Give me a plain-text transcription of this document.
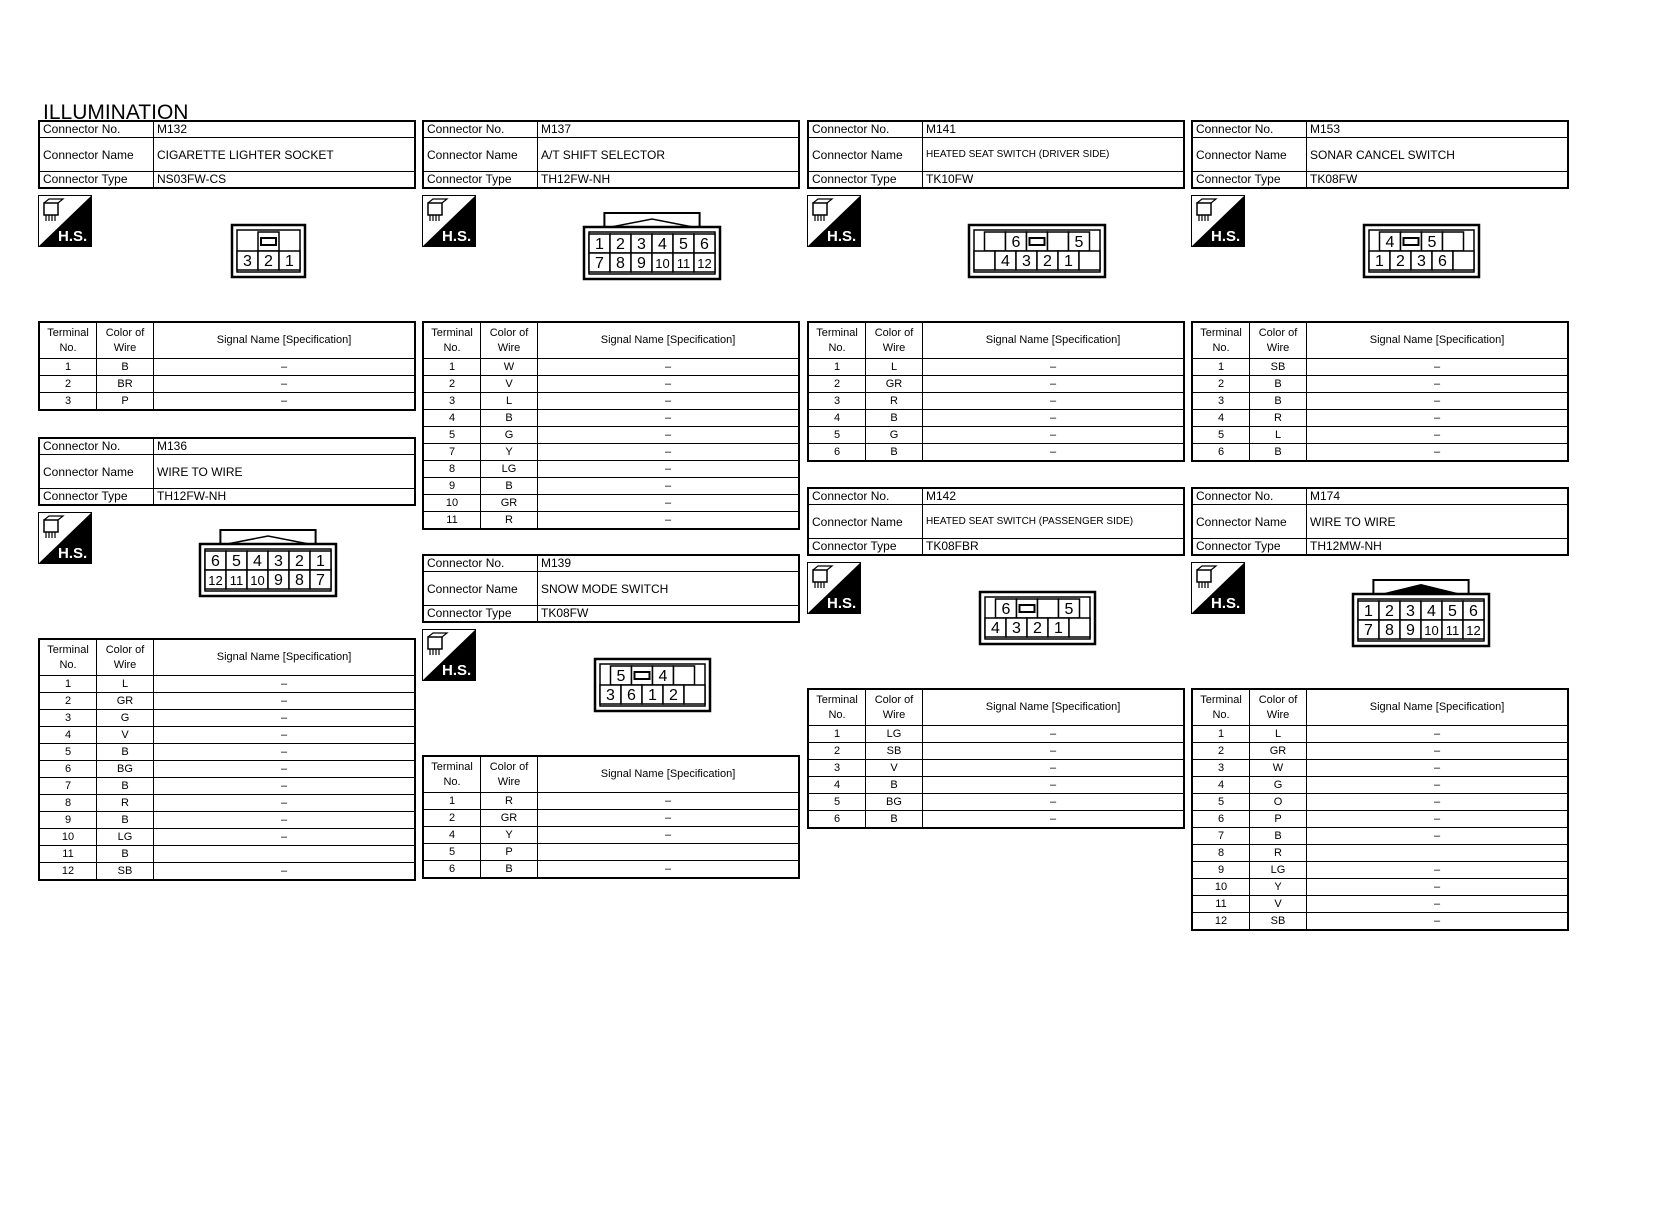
ILLUMINATION
Connector No.	M132
Connector Name	CIGARETTE LIGHTER SOCKET
Connector Type	NS03FW-CS
H.S.
3 2 1
Terminal No.	Color of Wire	Signal Name [Specification]
1	B	–
2	BR	–
3	P	–
Connector No.	M136
Connector Name	WIRE TO WIRE
Connector Type	TH12FW-NH
H.S.	6 5 4 3 2 1
12 11 10 9 8 7
Terminal No.	Color of Wire	Signal Name [Specification]
1	L	–
2	GR	–
3	G	–
4	V	–
5	B	–
6	BG	–
7	B	–
8	R	–
9	B	–
10	LG	–
11	B	
12	SB	–
Connector No.	M137
Connector Name	A/T SHIFT SELECTOR
Connector Type	TH12FW-NH
H.S.	1 2 3 4 5 6
7 8 9 10 11 12
Terminal No.	Color of Wire	Signal Name [Specification]
1	W	–
2	V	–
3	L	–
4	B	–
5	G	–
7	Y	–
8	LG	–
9	B	–
10	GR	–
11	R	–
Connector No.	M139
Connector Name	SNOW MODE SWITCH
Connector Type	TK08FW
H.S.	5 4
3 6 1 2
Terminal No.	Color of Wire	Signal Name [Specification]
1	R	–
2	GR	–
4	Y	–
5	P	
6	B	–
Connector No.	M141
Connector Name	HEATED SEAT SWITCH (DRIVER SIDE)
Connector Type	TK10FW
H.S.	6	5
4 3 2 1
Terminal No.	Color of Wire	Signal Name [Specification]
1	L	–
2	GR	–
3	R	–
4	B	–
5	G	–
6	B	–
Connector No.	M142
Connector Name	HEATED SEAT SWITCH (PASSENGER SIDE)
Connector Type	TK08FBR
H.S.	6	5
4 3 2 1
Terminal No.	Color of Wire	Signal Name [Specification]
1	LG	–
2	SB	–
3	V	–
4	B	–
5	BG	–
6	B	–
Connector No.	M153
Connector Name	SONAR CANCEL SWITCH
Connector Type	TK08FW
H.S.	4 5
1 2 3 6
Terminal No.	Color of Wire	Signal Name [Specification]
1	SB	–
2	B	–
3	B	–
4	R	–
5	L	–
6	B	–
Connector No.	M174
Connector Name	WIRE TO WIRE
Connector Type	TH12MW-NH
H.S.	1 2 3 4 5 6
7 8 9 10 11 12
Terminal No.	Color of Wire	Signal Name [Specification]
1	L	–
2	GR	–
3	W	–
4	G	–
5	O	–
6	P	–
7	B	–
8	R	
9	LG	–
10	Y	–
11	V	–
12	SB	–
